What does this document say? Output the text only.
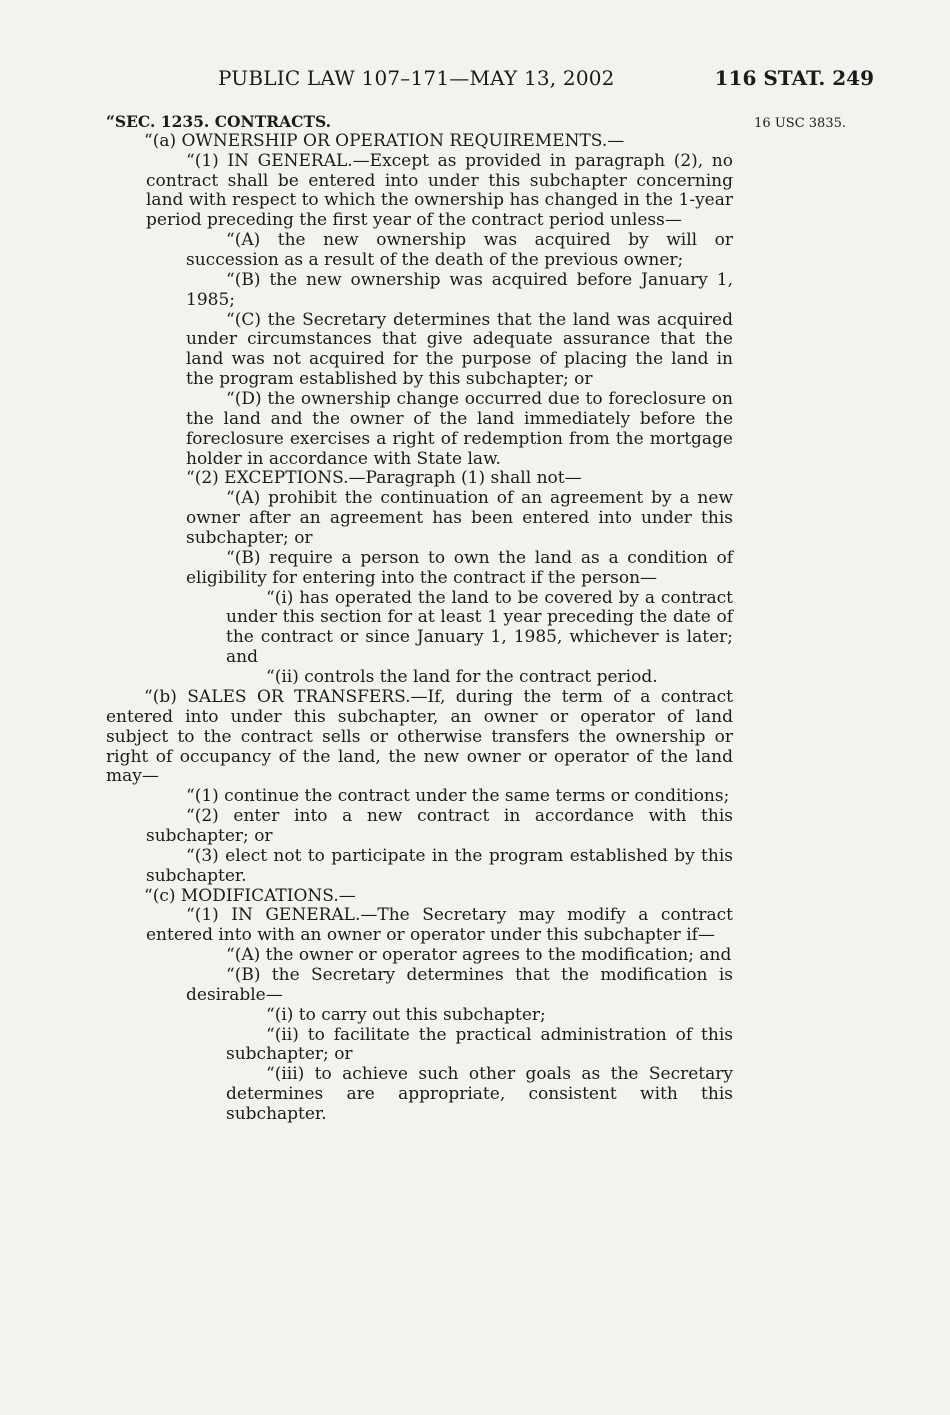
PUBLIC LAW 107–171—MAY 13, 2002	116 STAT. 249
16 USC 3835.

“SEC. 1235. CONTRACTS.

“(a) OWNERSHIP OR OPERATION REQUIREMENTS.—

“(1) IN GENERAL.—Except as provided in paragraph (2), no contract shall be entered into under this subchapter concerning land with respect to which the ownership has changed in the 1-year period preceding the first year of the contract period unless—

“(A) the new ownership was acquired by will or succession as a result of the death of the previous owner;

“(B) the new ownership was acquired before January 1, 1985;

“(C) the Secretary determines that the land was acquired under circumstances that give adequate assurance that the land was not acquired for the purpose of placing the land in the program established by this subchapter; or

“(D) the ownership change occurred due to foreclosure on the land and the owner of the land immediately before the foreclosure exercises a right of redemption from the mortgage holder in accordance with State law.

“(2) EXCEPTIONS.—Paragraph (1) shall not—

“(A) prohibit the continuation of an agreement by a new owner after an agreement has been entered into under this subchapter; or

“(B) require a person to own the land as a condition of eligibility for entering into the contract if the person—

“(i) has operated the land to be covered by a contract under this section for at least 1 year preceding the date of the contract or since January 1, 1985, whichever is later; and

“(ii) controls the land for the contract period.

“(b) SALES OR TRANSFERS.—If, during the term of a contract entered into under this subchapter, an owner or operator of land subject to the contract sells or otherwise transfers the ownership or right of occupancy of the land, the new owner or operator of the land may—

“(1) continue the contract under the same terms or conditions;

“(2) enter into a new contract in accordance with this subchapter; or

“(3) elect not to participate in the program established by this subchapter.

“(c) MODIFICATIONS.—

“(1) IN GENERAL.—The Secretary may modify a contract entered into with an owner or operator under this subchapter if—

“(A) the owner or operator agrees to the modification; and

“(B) the Secretary determines that the modification is desirable—

“(i) to carry out this subchapter;

“(ii) to facilitate the practical administration of this subchapter; or

“(iii) to achieve such other goals as the Secretary determines are appropriate, consistent with this subchapter.
